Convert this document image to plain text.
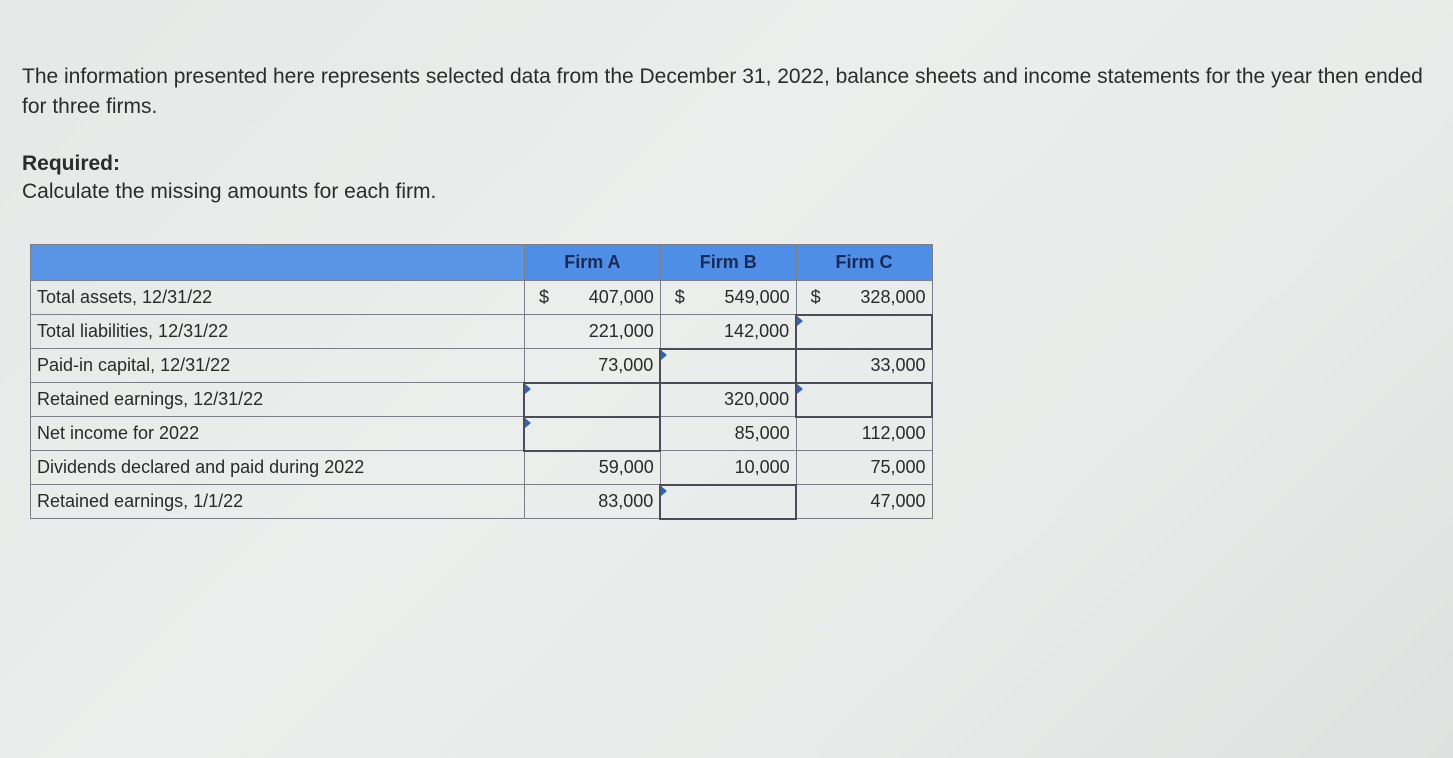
The information presented here represents selected data from the December 31, 2022, balance sheets and income statements for the year then ended for three firms.
Required:
Calculate the missing amounts for each firm.
	Firm A	Firm B	Firm C
Total assets, 12/31/22	$ 407,000	$ 549,000	$ 328,000
Total liabilities, 12/31/22	221,000	142,000	

Paid-in capital, 12/31/22	73,000		33,000
Retained earnings, 12/31/22		320,000	

Net income for 2022		85,000	112,000
Dividends declared and paid during 2022	59,000	10,000	75,000
Retained earnings, 1/1/22	83,000		47,000
